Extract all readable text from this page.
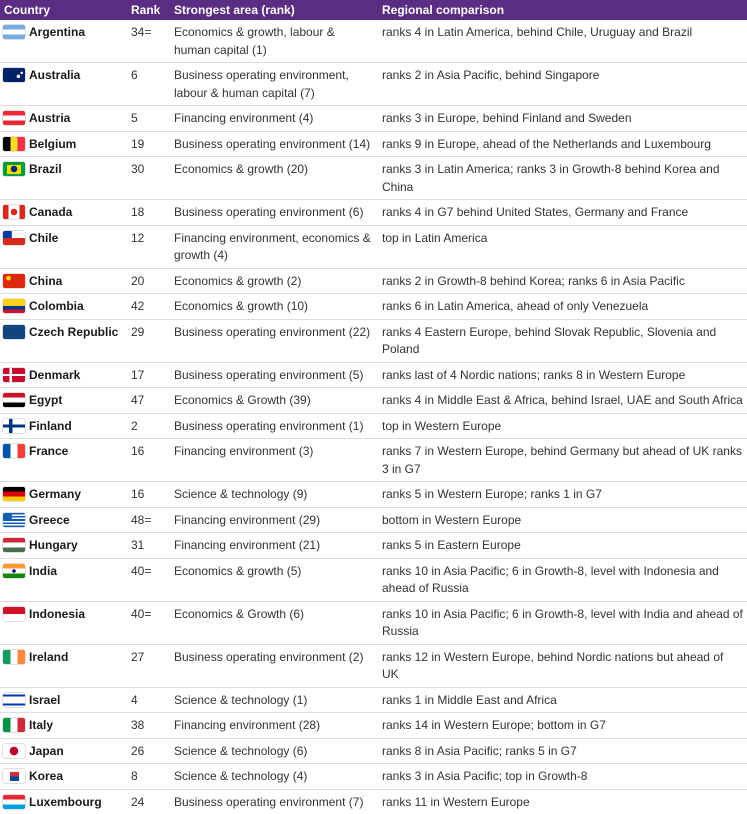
Country	Rank	Strongest area (rank)	Regional comparison
Argentina	34=	Economics & growth, labour & human capital (1)	ranks 4 in Latin America, behind Chile, Uruguay and Brazil
Australia	6	Business operating environment, labour & human capital (7)	ranks 2 in Asia Pacific, behind Singapore
Austria	5	Financing environment (4)	ranks 3 in Europe, behind Finland and Sweden
Belgium	19	Business operating environment (14)	ranks 9 in Europe, ahead of the Netherlands and Luxembourg
Brazil	30	Economics & growth (20)	ranks 3 in Latin America; ranks 3 in Growth-8 behind Korea and China
Canada	18	Business operating environment (6)	ranks 4 in G7 behind United States, Germany and France
Chile	12	Financing environment, economics & growth (4)	top in Latin America
China	20	Economics & growth (2)	ranks 2 in Growth-8 behind Korea; ranks 6 in Asia Pacific
Colombia	42	Economics & growth (10)	ranks 6 in Latin America, ahead of only Venezuela
Czech Republic	29	Business operating environment (22)	ranks 4 Eastern Europe, behind Slovak Republic, Slovenia and Poland
Denmark	17	Business operating environment (5)	ranks last of 4 Nordic nations; ranks 8 in Western Europe
Egypt	47	Economics & Growth (39)	ranks 4 in Middle East & Africa, behind Israel, UAE and South Africa
Finland	2	Business operating environment (1)	top in Western Europe
France	16	Financing environment (3)	ranks 7 in Western Europe, behind Germany but ahead of UK ranks 3 in G7
Germany	16	Science & technology (9)	ranks 5 in Western Europe; ranks 1 in G7
Greece	48=	Financing environment (29)	bottom in Western Europe
Hungary	31	Financing environment (21)	ranks 5 in Eastern Europe
India	40=	Economics & growth (5)	ranks 10 in Asia Pacific; 6 in Growth-8, level with Indonesia and ahead of Russia
Indonesia	40=	Economics & Growth (6)	ranks 10 in Asia Pacific; 6 in Growth-8, level with India and ahead of Russia
Ireland	27	Business operating environment (2)	ranks 12 in Western Europe, behind Nordic nations but ahead of UK
Israel	4	Science & technology (1)	ranks 1 in Middle East and Africa
Italy	38	Financing environment (28)	ranks 14 in Western Europe; bottom in G7
Japan	26	Science & technology (6)	ranks 8 in Asia Pacific; ranks 5 in G7
Korea	8	Science & technology (4)	ranks 3 in Asia Pacific; top in Growth-8
Luxembourg	24	Business operating environment (7)	ranks 11 in Western Europe
